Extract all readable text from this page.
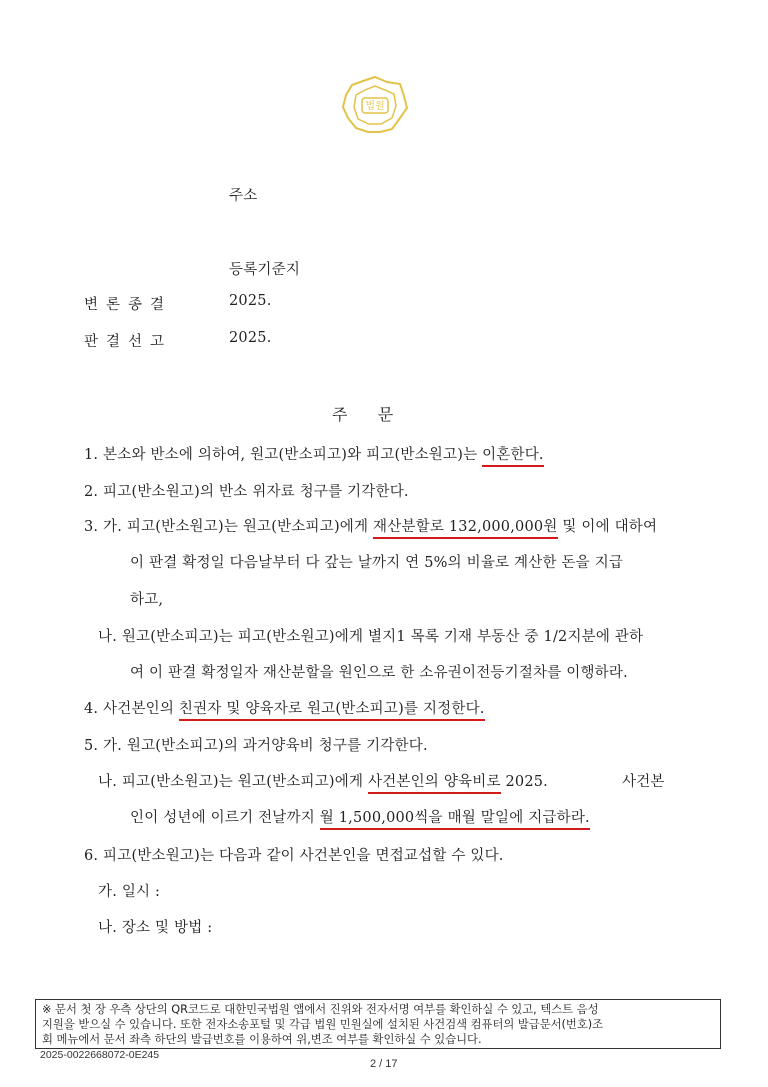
법원
주소
등록기준지
변론종결	2025.
판결선고	2025.
주    문
1. 본소와 반소에 의하여, 원고(반소피고)와 피고(반소원고)는 이혼한다.
2. 피고(반소원고)의 반소 위자료 청구를 기각한다.
3. 가. 피고(반소원고)는 원고(반소피고)에게 재산분할로 132,000,000원 및 이에 대하여
이 판결 확정일 다음날부터 다 갚는 날까지 연 5%의 비율로 계산한 돈을 지급
하고,
나. 원고(반소피고)는 피고(반소원고)에게 별지1 목록 기재 부동산 중 1/2지분에 관하
여 이 판결 확정일자 재산분할을 원인으로 한 소유권이전등기절차를 이행하라.
4. 사건본인의 친권자 및 양육자로 원고(반소피고)를 지정한다.
5. 가. 원고(반소피고)의 과거양육비 청구를 기각한다.
나. 피고(반소원고)는 원고(반소피고)에게 사건본인의 양육비로 2025.	사건본
인이 성년에 이르기 전날까지 월 1,500,000씩을 매월 말일에 지급하라.
6. 피고(반소원고)는 다음과 같이 사건본인을 면접교섭할 수 있다.
가. 일시 :
나. 장소 및 방법 :
※ 문서 첫 장 우측 상단의 QR코드로 대한민국법원 앱에서 진위와 전자서명 여부를 확인하실 수 있고, 텍스트 음성
지원을 받으실 수 있습니다. 또한 전자소송포털 및 각급 법원 민원실에 설치된 사건검색 컴퓨터의 발급문서(번호)조
회 메뉴에서 문서 좌측 하단의 발급번호를 이용하여 위,변조 여부를 확인하실 수 있습니다.
2025-0022668072-0E245
2 / 17
